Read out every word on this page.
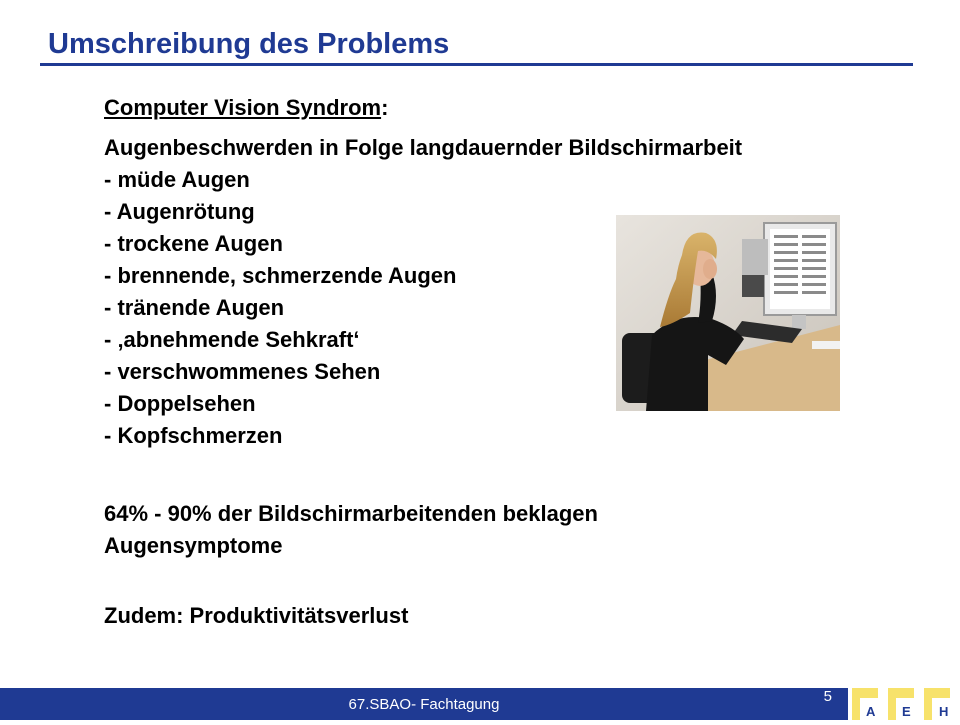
Umschreibung des Problems

Computer Vision Syndrom:

Augenbeschwerden in Folge langdauernder Bildschirmarbeit

- müde Augen
- Augenrötung
- trockene Augen
- brennende, schmerzende Augen
- tränende Augen
- ‚abnehmende Sehkraft‘
- verschwommenes Sehen
- Doppelsehen
- Kopfschmerzen

64% - 90% der Bildschirmarbeitenden beklagen Augensymptome

Zudem: Produktivitätsverlust

67.SBAO- Fachtagung	5
A E H
